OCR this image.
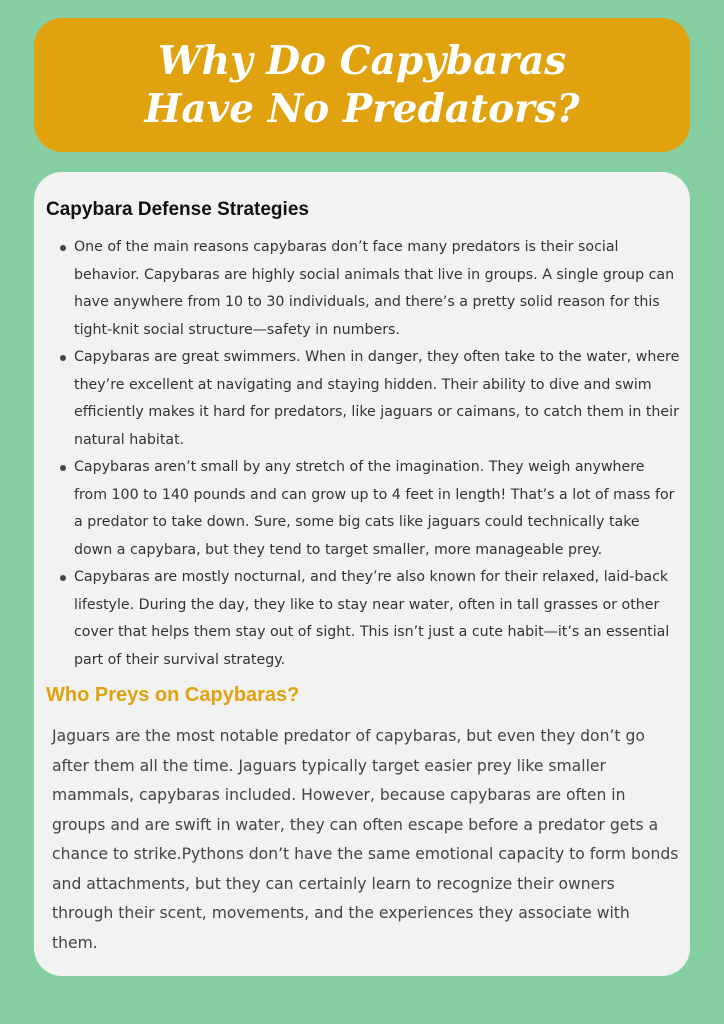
Why Do Capybaras
Have No Predators?
Capybara Defense Strategies
One of the main reasons capybaras don’t face many predators is their social behavior. Capybaras are highly social animals that live in groups. A single group can have anywhere from 10 to 30 individuals, and there’s a pretty solid reason for this tight-knit social structure—safety in numbers.
Capybaras are great swimmers. When in danger, they often take to the water, where they’re excellent at navigating and staying hidden. Their ability to dive and swim efficiently makes it hard for predators, like jaguars or caimans, to catch them in their natural habitat.
Capybaras aren’t small by any stretch of the imagination. They weigh anywhere from 100 to 140 pounds and can grow up to 4 feet in length! That’s a lot of mass for a predator to take down. Sure, some big cats like jaguars could technically take down a capybara, but they tend to target smaller, more manageable prey.
Capybaras are mostly nocturnal, and they’re also known for their relaxed, laid-back lifestyle. During the day, they like to stay near water, often in tall grasses or other cover that helps them stay out of sight. This isn’t just a cute habit—it’s an essential part of their survival strategy.
Who Preys on Capybaras?

Jaguars are the most notable predator of capybaras, but even they don’t go after them all the time. Jaguars typically target easier prey like smaller mammals, capybaras included. However, because capybaras are often in groups and are swift in water, they can often escape before a predator gets a chance to strike.Pythons don’t have the same emotional capacity to form bonds and attachments, but they can certainly learn to recognize their owners through their scent, movements, and the experiences they associate with them.
